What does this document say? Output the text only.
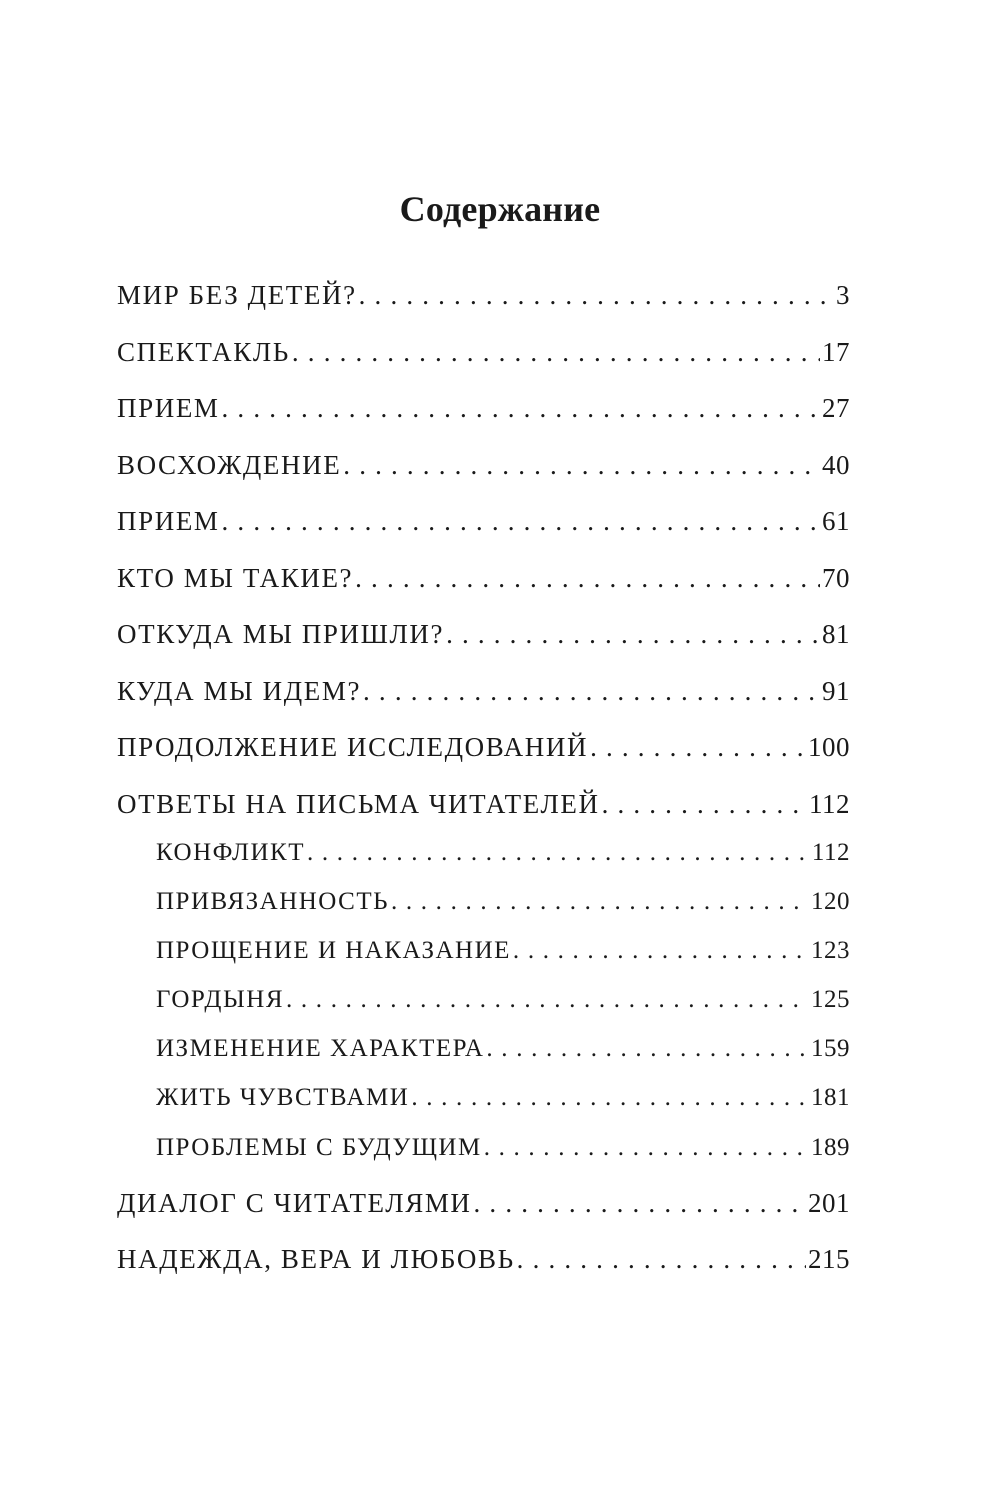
Содержание
МИР БЕЗ ДЕТЕЙ? . . .	3
СПЕКТАКЛЬ . . .	17
ПРИЕМ . . .	27
ВОСХОЖДЕНИЕ . . .	40
ПРИЕМ . . .	61
КТО МЫ ТАКИЕ? . . .	70
ОТКУДА МЫ ПРИШЛИ? . . .	81
КУДА МЫ ИДЕМ? . . .	91
ПРОДОЛЖЕНИЕ ИССЛЕДОВАНИЙ . . .	100
ОТВЕТЫ НА ПИСЬМА ЧИТАТЕЛЕЙ . . .	112
КОНФЛИКТ . . .	112
ПРИВЯЗАННОСТЬ . . .	120
ПРОЩЕНИЕ И НАКАЗАНИЕ . . .	123
ГОРДЫНЯ . . .	125
ИЗМЕНЕНИЕ ХАРАКТЕРА . . .	159
ЖИТЬ ЧУВСТВАМИ . . .	181
ПРОБЛЕМЫ С БУДУЩИМ . . .	189
ДИАЛОГ С ЧИТАТЕЛЯМИ . . .	201
НАДЕЖДА, ВЕРА И ЛЮБОВЬ . . .	215
